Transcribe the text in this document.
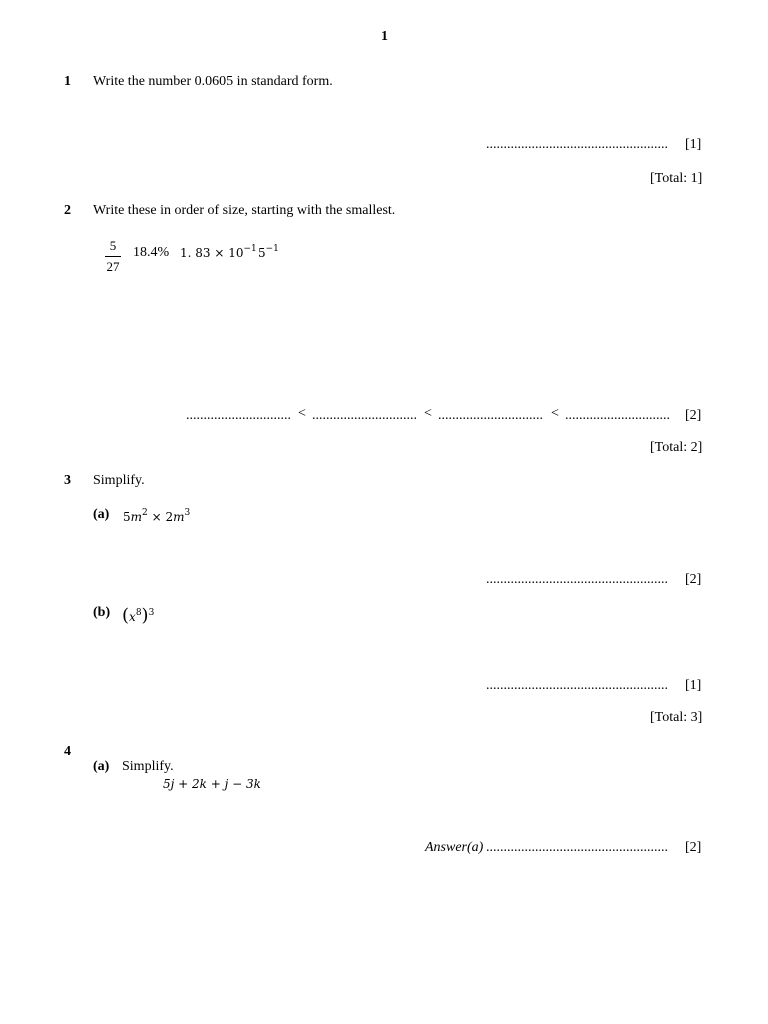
1
1 Write the number 0.0605 in standard form.
.................................................... [1]
[Total: 1]
2 Write these in order of size, starting with the smallest.
5
27
18.4% 1. $83 \times 10^{-1}$ $5^{-1}$
.............................. < .............................. < .............................. < .............................. [2]
[Total: 2]
3 Simplify.
(a) $5m^2 \times 2m^3$
.................................................... [2]
(b) $(x^8)^3$
.................................................... [1]
[Total: 3]
4
(a) Simplify.
5j + 2k + j − 3k
Answer(a) .................................................... [2]
